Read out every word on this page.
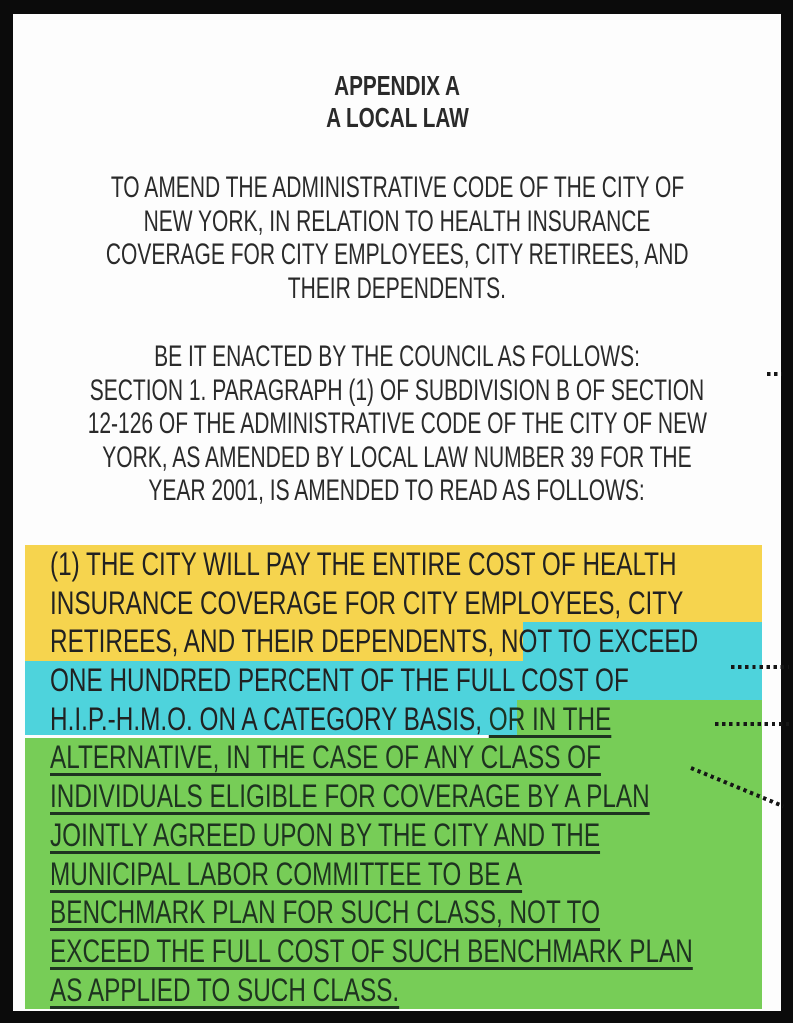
APPENDIX A
A LOCAL LAW
TO AMEND THE ADMINISTRATIVE CODE OF THE CITY OF
NEW YORK, IN RELATION TO HEALTH INSURANCE
COVERAGE FOR CITY EMPLOYEES, CITY RETIREES, AND
THEIR DEPENDENTS.
BE IT ENACTED BY THE COUNCIL AS FOLLOWS:
SECTION 1. PARAGRAPH (1) OF SUBDIVISION B OF SECTION
12-126 OF THE ADMINISTRATIVE CODE OF THE CITY OF NEW
YORK, AS AMENDED BY LOCAL LAW NUMBER 39 FOR THE
YEAR 2001, IS AMENDED TO READ AS FOLLOWS:
(1) THE CITY WILL PAY THE ENTIRE COST OF HEALTH
INSURANCE COVERAGE FOR CITY EMPLOYEES, CITY
RETIREES, AND THEIR DEPENDENTS, NOT TO EXCEED
ONE HUNDRED PERCENT OF THE FULL COST OF
H.I.P.-H.M.O. ON A CATEGORY BASIS, OR IN THE
ALTERNATIVE, IN THE CASE OF ANY CLASS OF
INDIVIDUALS ELIGIBLE FOR COVERAGE BY A PLAN
JOINTLY AGREED UPON BY THE CITY AND THE
MUNICIPAL LABOR COMMITTEE TO BE A
BENCHMARK PLAN FOR SUCH CLASS, NOT TO
EXCEED THE FULL COST OF SUCH BENCHMARK PLAN
AS APPLIED TO SUCH CLASS.
